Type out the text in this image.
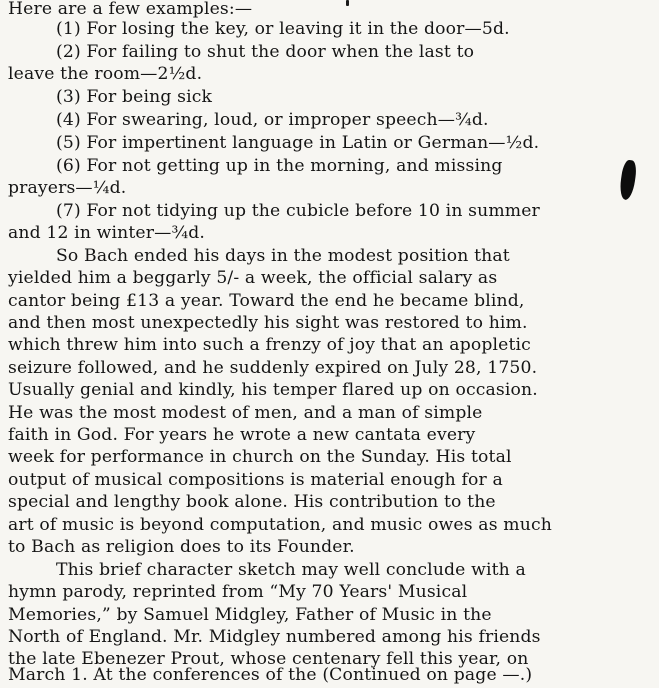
Here are a few examples:—
(1) For losing the key, or leaving it in the door—5d.
(2) For failing to shut the door when the last to
leave the room—2½d.
(3) For being sick
(4) For swearing, loud, or improper speech—¾d.
(5) For impertinent language in Latin or German—½d.
(6) For not getting up in the morning, and missing
prayers—¼d.
(7) For not tidying up the cubicle before 10 in summer
and 12 in winter—¾d.
So Bach ended his days in the modest position that
yielded him a beggarly 5/- a week, the official salary as
cantor being £13 a year. Toward the end he became blind,
and then most unexpectedly his sight was restored to him.
which threw him into such a frenzy of joy that an apopletic
seizure followed, and he suddenly expired on July 28, 1750.
Usually genial and kindly, his temper flared up on occasion.
He was the most modest of men, and a man of simple
faith in God. For years he wrote a new cantata every
week for performance in church on the Sunday. His total
output of musical compositions is material enough for a
special and lengthy book alone. His contribution to the
art of music is beyond computation, and music owes as much
to Bach as religion does to its Founder.
This brief character sketch may well conclude with a
hymn parody, reprinted from “My 70 Years' Musical
Memories,” by Samuel Midgley, Father of Music in the
North of England. Mr. Midgley numbered among his friends
the late Ebenezer Prout, whose centenary fell this year, on
March 1. At the conferences of the (Continued on page —.)
